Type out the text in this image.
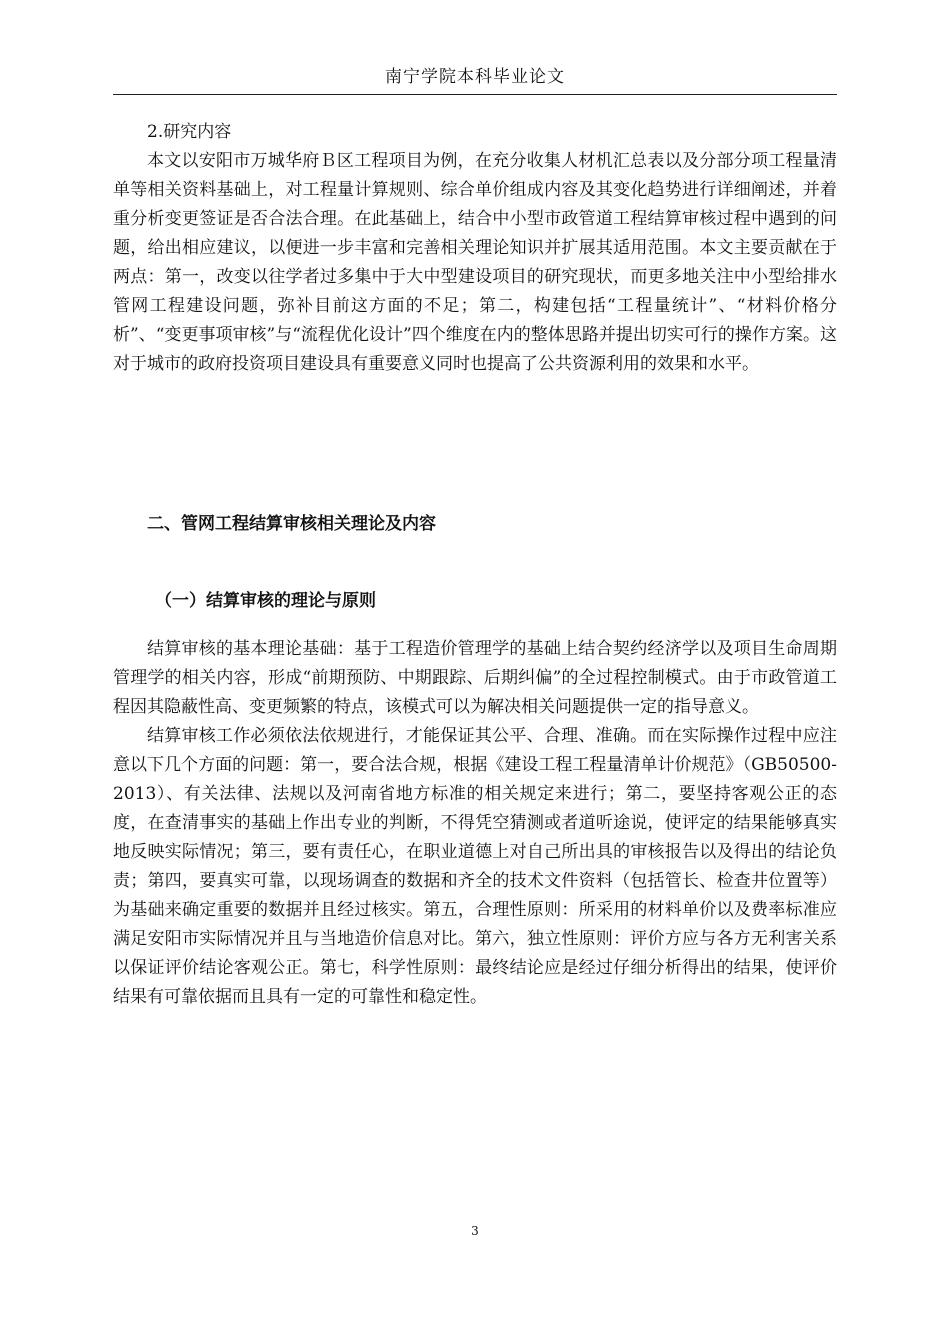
南宁学院本科毕业论文
2.研究内容

本文以安阳市万城华府Ｂ区工程项目为例，在充分收集人材机汇总表以及分部分项工程量清单等相关资料基础上，对工程量计算规则、综合单价组成内容及其变化趋势进行详细阐述，并着重分析变更签证是否合法合理。在此基础上，结合中小型市政管道工程结算审核过程中遇到的问题，给出相应建议，以便进一步丰富和完善相关理论知识并扩展其适用范围。本文主要贡献在于两点：第一，改变以往学者过多集中于大中型建设项目的研究现状，而更多地关注中小型给排水管网工程建设问题，弥补目前这方面的不足；第二，构建包括“工程量统计”、“材料价格分析”、“变更事项审核”与“流程优化设计”四个维度在内的整体思路并提出切实可行的操作方案。这对于城市的政府投资项目建设具有重要意义同时也提高了公共资源利用的效果和水平。

二、管网工程结算审核相关理论及内容
（一）结算审核的理论与原则

结算审核的基本理论基础：基于工程造价管理学的基础上结合契约经济学以及项目生命周期管理学的相关内容，形成“前期预防、中期跟踪、后期纠偏”的全过程控制模式。由于市政管道工程因其隐蔽性高、变更频繁的特点，该模式可以为解决相关问题提供一定的指导意义。

结算审核工作必须依法依规进行，才能保证其公平、合理、准确。而在实际操作过程中应注意以下几个方面的问题：第一，要合法合规，根据《建设工程工程量清单计价规范》（GB50500-2013）、有关法律、法规以及河南省地方标准的相关规定来进行；第二，要坚持客观公正的态度，在查清事实的基础上作出专业的判断，不得凭空猜测或者道听途说，使评定的结果能够真实地反映实际情况；第三，要有责任心，在职业道德上对自己所出具的审核报告以及得出的结论负责；第四，要真实可靠，以现场调查的数据和齐全的技术文件资料（包括管长、检查井位置等）为基础来确定重要的数据并且经过核实。第五，合理性原则：所采用的材料单价以及费率标准应满足安阳市实际情况并且与当地造价信息对比。第六，独立性原则：评价方应与各方无利害关系以保证评价结论客观公正。第七，科学性原则：最终结论应是经过仔细分析得出的结果，使评价结果有可靠依据而且具有一定的可靠性和稳定性。

3
